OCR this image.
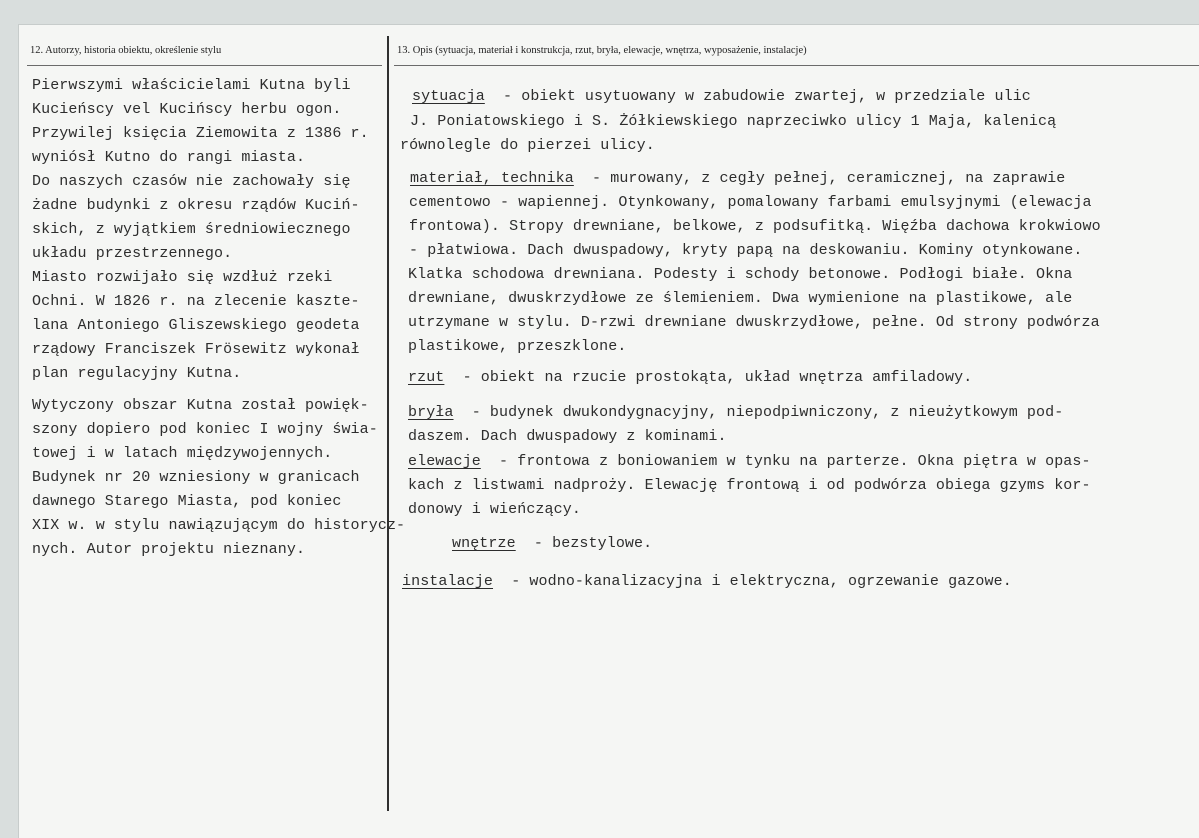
12. Autorzy, historia obiektu, określenie stylu	13. Opis (sytuacja, materiał i konstrukcja, rzut, bryła, elewacje, wnętrza, wyposażenie, instalacje)
Pierwszymi właścicielami Kutna byli
Kucieńscy vel Kucińscy herbu ogon.
Przywilej księcia Ziemowita z 1386 r.
wyniósł Kutno do rangi miasta.
Do naszych czasów nie zachowały się
żadne budynki z okresu rządów Kuciń-
skich, z wyjątkiem średniowiecznego
układu przestrzennego.
Miasto rozwijało się wzdłuż rzeki
Ochni. W 1826 r. na zlecenie kaszte-
lana Antoniego Gliszewskiego geodeta
rządowy Franciszek Frösewitz wykonał
plan regulacyjny Kutna.
Wytyczony obszar Kutna został powięk-
szony dopiero pod koniec I wojny świa-
towej i w latach międzywojennych.
Budynek nr 20 wzniesiony w granicach
dawnego Starego Miasta, pod koniec
XIX w. w stylu nawiązującym do historycz-
nych. Autor projektu nieznany.
sytuacja - obiekt usytuowany w zabudowie zwartej, w przedziale ulic
J. Poniatowskiego i S. Żółkiewskiego naprzeciwko ulicy 1 Maja, kalenicą
równolegle do pierzei ulicy.
materiał, technika - murowany, z cegły pełnej, ceramicznej, na zaprawie
cementowo - wapiennej. Otynkowany, pomalowany farbami emulsyjnymi (elewacja
frontowa). Stropy drewniane, belkowe, z podsufitką. Więźba dachowa krokwiowo
- płatwiowa. Dach dwuspadowy, kryty papą na deskowaniu. Kominy otynkowane.
Klatka schodowa drewniana. Podesty i schody betonowe. Podłogi białe. Okna
drewniane, dwuskrzydłowe ze ślemieniem. Dwa wymienione na plastikowe, ale
utrzymane w stylu. D-rzwi drewniane dwuskrzydłowe, pełne. Od strony podwórza
plastikowe, przeszklone.
rzut - obiekt na rzucie prostokąta, układ wnętrza amfiladowy.
bryła - budynek dwukondygnacyjny, niepodpiwniczony, z nieużytkowym pod-
daszem. Dach dwuspadowy z kominami.
elewacje - frontowa z boniowaniem w tynku na parterze. Okna piętra w opas-
kach z listwami nadproży. Elewację frontową i od podwórza obiega gzyms kor-
donowy i wieńczący.
wnętrze - bezstylowe.
instalacje - wodno-kanalizacyjna i elektryczna, ogrzewanie gazowe.
